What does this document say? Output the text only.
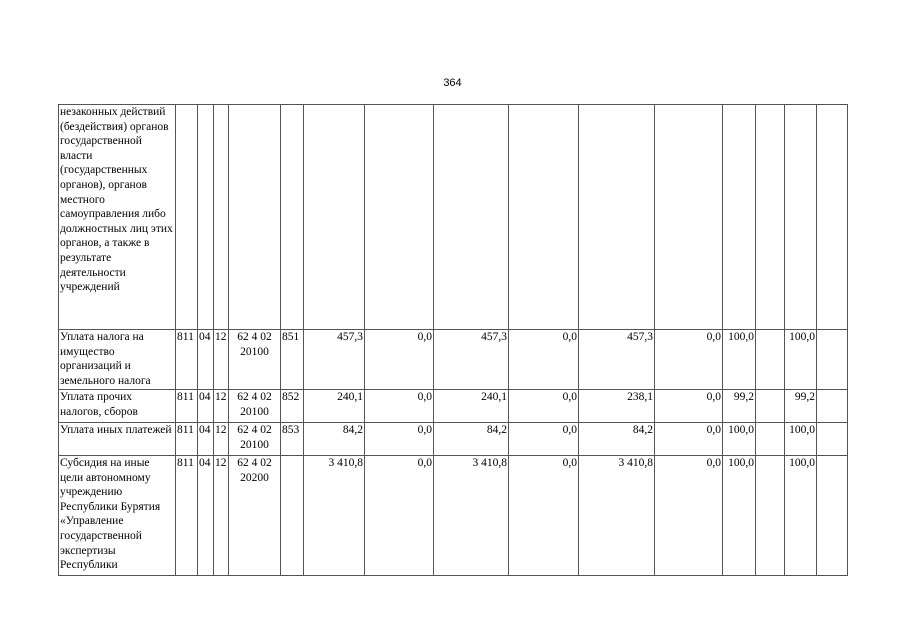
364
незаконных действий (бездействия) органов государственной власти (государственных органов), органов местного самоуправления либо должностных лиц этих органов, а также в результате деятельности учреждений															
Уплата налога на имущество организаций и земельного налога	811	04	12	62 4 02 20100	851	457,3	0,0	457,3	0,0	457,3	0,0	100,0		100,0	
Уплата прочих налогов, сборов	811	04	12	62 4 02 20100	852	240,1	0,0	240,1	0,0	238,1	0,0	99,2		99,2	
Уплата иных платежей	811	04	12	62 4 02 20100	853	84,2	0,0	84,2	0,0	84,2	0,0	100,0		100,0	
Субсидия на иные цели автономному учреждению Республики Бурятия «Управление государственной экспертизы Республики	811	04	12	62 4 02 20200		3 410,8	0,0	3 410,8	0,0	3 410,8	0,0	100,0		100,0	
